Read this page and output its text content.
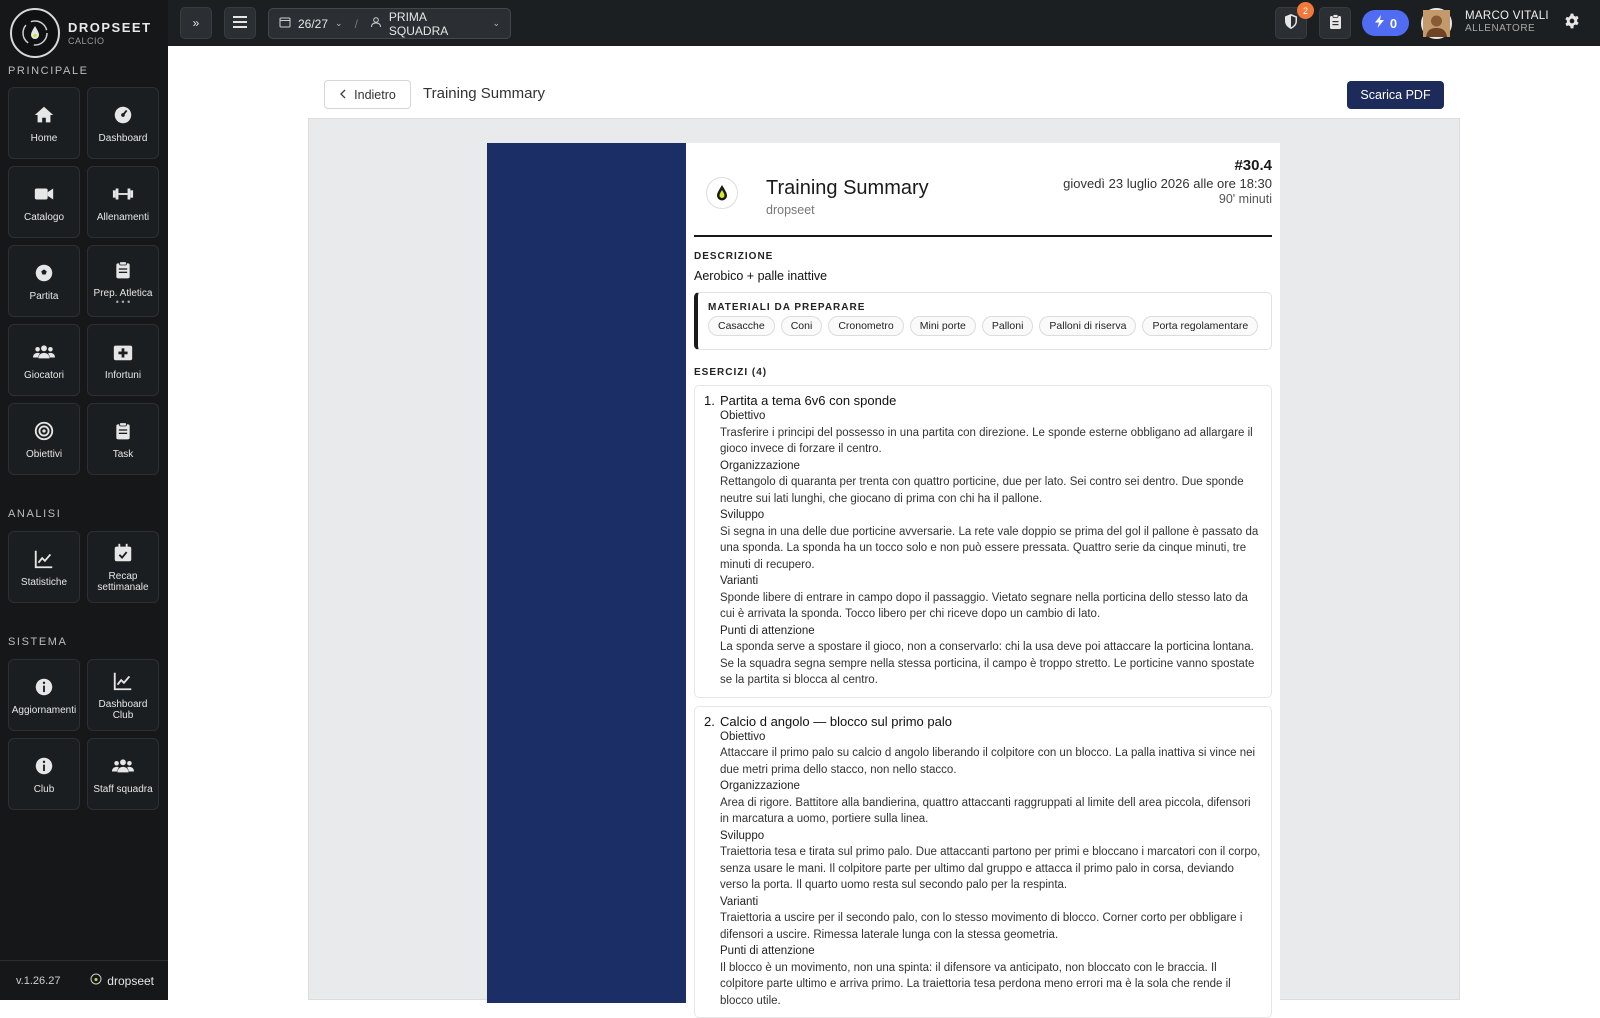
DROPSEET
CALCIO
PRINCIPALE
Home	Dashboard
Catalogo	Allenamenti
Partita	Prep. Atletica
• • •
Giocatori	Infortuni
Obiettivi	Task
ANALISI
Statistiche	Recap settimanale
SISTEMA
Aggiornamenti	Dashboard Club
Club	Staff squadra
v.1.26.27	dropseet
»	26/27 ⌄ /	PRIMA SQUADRA
⌄
2
0	MARCO VITALI
ALLENATORE
Indietro Training Summary	Scarica PDF
Training Summary
dropseet
#30.4
giovedì 23 luglio 2026 alle ore 18:30
90' minuti
DESCRIZIONE
Aerobico + palle inattive
MATERIALI DA PREPARARE
Casacche	Coni	Cronometro	Mini porte	Palloni	Palloni di riserva	Porta regolamentare
ESERCIZI (4)
1. Partita a tema 6v6 con sponde
Obiettivo
Trasferire i principi del possesso in una partita con direzione. Le sponde esterne obbligano ad allargare il gioco invece di forzare il centro.
Organizzazione
Rettangolo di quaranta per trenta con quattro porticine, due per lato. Sei contro sei dentro. Due sponde neutre sui lati lunghi, che giocano di prima con chi ha il pallone.
Sviluppo
Si segna in una delle due porticine avversarie. La rete vale doppio se prima del gol il pallone è passato da una sponda. La sponda ha un tocco solo e non può essere pressata. Quattro serie da cinque minuti, tre minuti di recupero.
Varianti
Sponde libere di entrare in campo dopo il passaggio. Vietato segnare nella porticina dello stesso lato da cui è arrivata la sponda. Tocco libero per chi riceve dopo un cambio di lato.
Punti di attenzione
La sponda serve a spostare il gioco, non a conservarlo: chi la usa deve poi attaccare la porticina lontana. Se la squadra segna sempre nella stessa porticina, il campo è troppo stretto. Le porticine vanno spostate se la partita si blocca al centro.
2. Calcio d angolo — blocco sul primo palo
Obiettivo
Attaccare il primo palo su calcio d angolo liberando il colpitore con un blocco. La palla inattiva si vince nei due metri prima dello stacco, non nello stacco.
Organizzazione
Area di rigore. Battitore alla bandierina, quattro attaccanti raggruppati al limite dell area piccola, difensori in marcatura a uomo, portiere sulla linea.
Sviluppo
Traiettoria tesa e tirata sul primo palo. Due attaccanti partono per primi e bloccano i marcatori con il corpo, senza usare le mani. Il colpitore parte per ultimo dal gruppo e attacca il primo palo in corsa, deviando verso la porta. Il quarto uomo resta sul secondo palo per la respinta.
Varianti
Traiettoria a uscire per il secondo palo, con lo stesso movimento di blocco. Corner corto per obbligare i difensori a uscire. Rimessa laterale lunga con la stessa geometria.
Punti di attenzione
Il blocco è un movimento, non una spinta: il difensore va anticipato, non bloccato con le braccia. Il colpitore parte ultimo e arriva primo. La traiettoria tesa perdona meno errori ma è la sola che rende il blocco utile.
